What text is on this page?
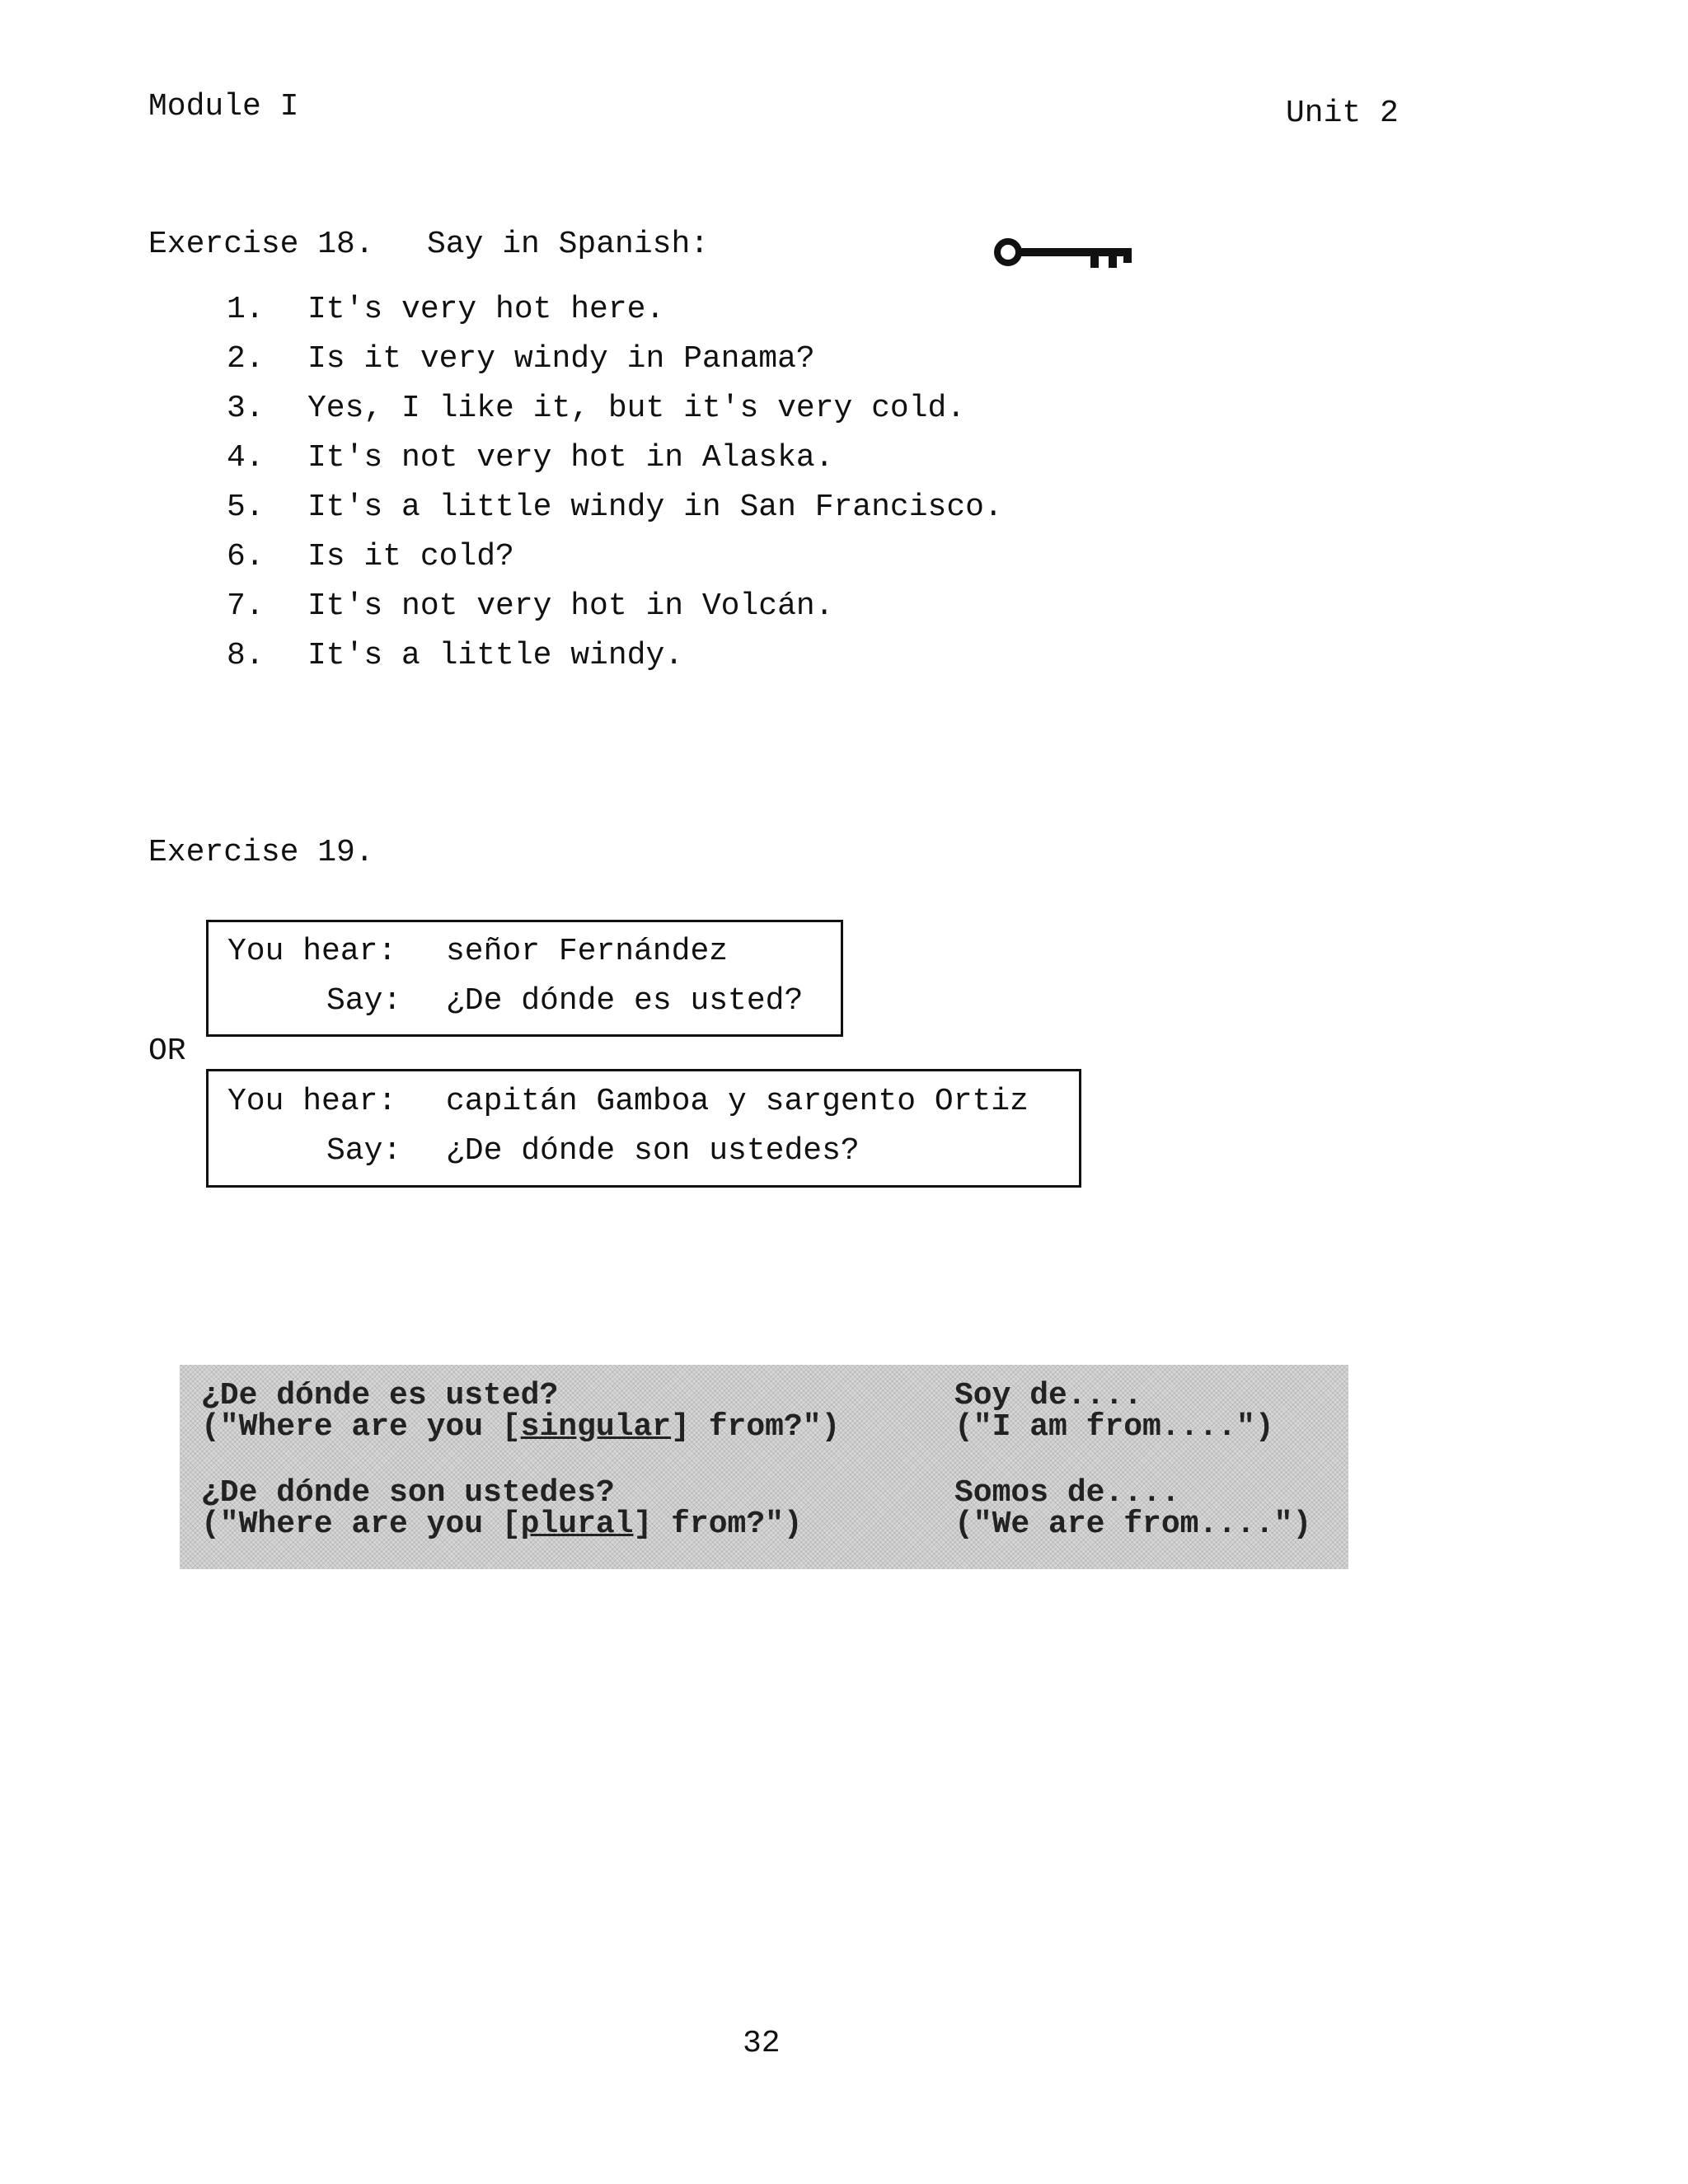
Module I	Unit 2
Exercise 18. Say in Spanish:
1. It's very hot here.
2. Is it very windy in Panama?
3. Yes, I like it, but it's very cold.
4. It's not very hot in Alaska.
5. It's a little windy in San Francisco.
6. Is it cold?
7. It's not very hot in Volcán.
8. It's a little windy.
Exercise 19.
You hear: señor Fernández
Say: ¿De dónde es usted?
OR
You hear: capitán Gamboa y sargento Ortiz
Say: ¿De dónde son ustedes?
¿De dónde es usted?
("Where are you [singular] from?")
Soy de....
("I am from....")
¿De dónde son ustedes?
("Where are you [plural] from?")
Somos de....
("We are from....")
32
